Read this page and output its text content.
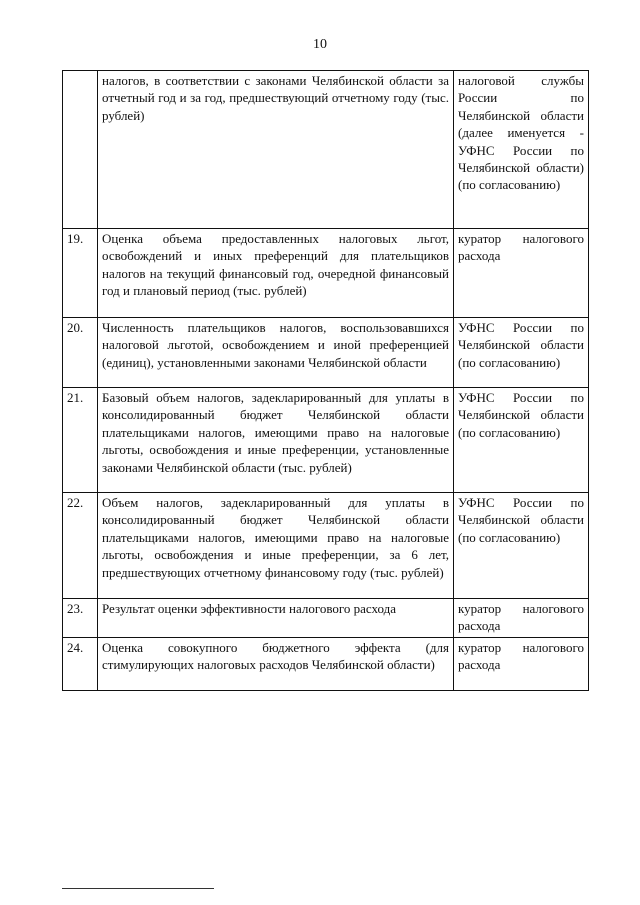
10
	налогов, в соответствии с законами Челябинской области за отчетный год и за год, предшествующий отчетному году (тыс. рублей)	налоговой службы России по Челябинской области (далее именуется - УФНС России по Челябинской области) (по согласованию)
19.	Оценка объема предоставленных налоговых льгот, освобождений и иных преференций для плательщиков налогов на текущий финансовый год, очередной финансовый год и плановый период (тыс. рублей)	куратор налогового расхода
20.	Численность плательщиков налогов, воспользовавшихся налоговой льготой, освобождением и иной преференцией (единиц), установленными законами Челябинской области	УФНС России по Челябинской области (по согласованию)
21.	Базовый объем налогов, задекларированный для уплаты в консолидированный бюджет Челябинской области плательщиками налогов, имеющими право на налоговые льготы, освобождения и иные преференции, установленные законами Челябинской области (тыс. рублей)	УФНС России по Челябинской области (по согласованию)
22.	Объем налогов, задекларированный для уплаты в консолидированный бюджет Челябинской области плательщиками налогов, имеющими право на налоговые льготы, освобождения и иные преференции, за 6 лет, предшествующих отчетному финансовому году (тыс. рублей)	УФНС России по Челябинской области (по согласованию)
23.	Результат оценки эффективности налогового расхода	куратор налогового расхода
24.	Оценка совокупного бюджетного эффекта (для стимулирующих налоговых расходов Челябинской области)	куратор налогового расхода
